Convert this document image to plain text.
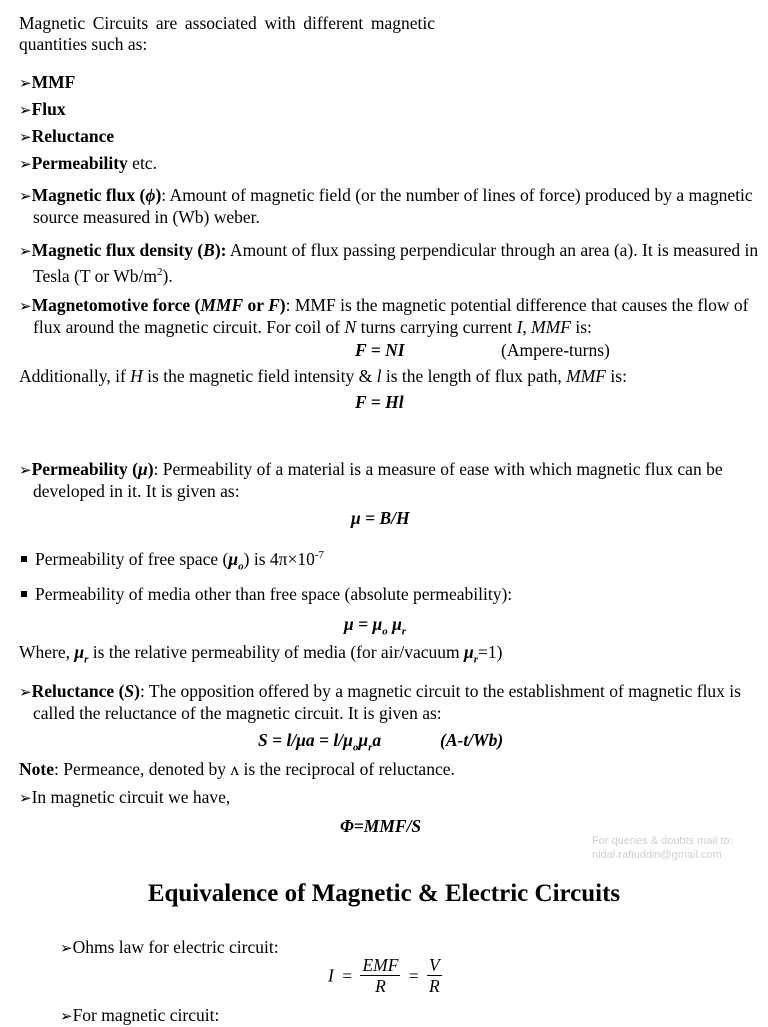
Magnetic Circuits are associated with different magnetic quantities such as:
➢MMF
➢Flux
➢Reluctance
➢Permeability etc.
➢Magnetic flux (ϕ): Amount of magnetic field (or the number of lines of force) produced by a magnetic source measured in (Wb) weber.
➢Magnetic flux density (B): Amount of flux passing perpendicular through an area (a). It is measured in Tesla (T or $Wb/m^2$).
➢Magnetomotive force (MMF or F): MMF is the magnetic potential difference that causes the flow of flux around the magnetic circuit. For coil of N turns carrying current I, MMF is:
F = NI	(Ampere-turns)
Additionally, if H is the magnetic field intensity & l is the length of flux path, MMF is:
F = Hl
➢Permeability (μ): Permeability of a material is a measure of ease with which magnetic flux can be developed in it. It is given as:
μ = B/H
Permeability of free space $(\mu_o)$ is $4\pi\times 10^{-7}$
Permeability of media other than free space (absolute permeability):
$\mu = \mu_o$ $\mu_r$
Where, $\mu_r$ is the relative permeability of media (for air/vacuum $\mu_r=1$)
➢Reluctance (S): The opposition offered by a magnetic circuit to the establishment of magnetic flux is called the reluctance of the magnetic circuit. It is given as:
$S = l/\mu a = l/\mu_o\mu_ra$	(A-t/Wb)
Note: Permeance, denoted by ʌ is the reciprocal of reluctance.
➢In magnetic circuit we have,
Φ=MMF/S
For queries & doubts mail to:
nidal.rafiuddin@gmail.com
Equivalence of Magnetic & Electric Circuits
➢Ohms law for electric circuit:
$I = \frac{\text{EMF}}{R} = \frac{V}{R}$
➢For magnetic circuit:
